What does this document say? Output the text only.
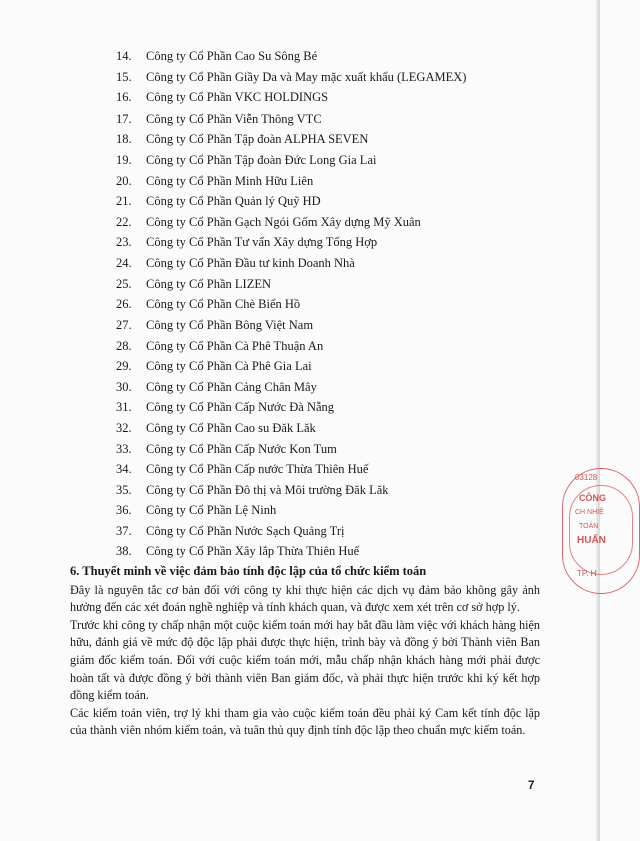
14. Công ty Cổ Phần Cao Su Sông Bé
15. Công ty Cổ Phần Giầy Da và May mặc xuất khẩu (LEGAMEX)
16. Công ty Cổ Phần VKC HOLDINGS
17. Công ty Cổ Phần Viễn Thông VTC
18. Công ty Cổ Phần Tập đoàn ALPHA SEVEN
19. Công ty Cổ Phần Tập đoàn Đức Long Gia Lai
20. Công ty Cổ Phần Minh Hữu Liên
21. Công ty Cổ Phần Quản lý Quỹ HD
22. Công ty Cổ Phần Gạch Ngói Gốm Xây dựng Mỹ Xuân
23. Công ty Cổ Phần Tư vấn Xây dựng Tổng Hợp
24. Công ty Cổ Phần Đầu tư kinh Doanh Nhà
25. Công ty Cổ Phần LIZEN
26. Công ty Cổ Phần Chè Biển Hồ
27. Công ty Cổ Phần Bông Việt Nam
28. Công ty Cổ Phần Cà Phê Thuận An
29. Công ty Cổ Phần Cà Phê Gia Lai
30. Công ty Cổ Phần Cảng Chân Mây
31. Công ty Cổ Phần Cấp Nước Đà Nẵng
32. Công ty Cổ Phần Cao su Đăk Lăk
33. Công ty Cổ Phần Cấp Nước Kon Tum
34. Công ty Cổ Phần Cấp nước Thừa Thiên Huế
35. Công ty Cổ Phần Đô thị và Môi trường Đăk Lăk
36. Công ty Cổ Phần Lệ Ninh
37. Công ty Cổ Phần Nước Sạch Quảng Trị
38. Công ty Cổ Phần Xây lắp Thừa Thiên Huế
6. Thuyết minh về việc đảm bảo tính độc lập của tổ chức kiểm toán

Đây là nguyên tắc cơ bản đối với công ty khi thực hiện các dịch vụ đảm bảo không gây ảnh hưởng đến các xét đoán nghề nghiệp và tính khách quan, và được xem xét trên cơ sở hợp lý.

Trước khi công ty chấp nhận một cuộc kiểm toán mới hay bắt đầu làm việc với khách hàng hiện hữu, đánh giá về mức độ độc lập phải được thực hiện, trình bày và đồng ý bởi Thành viên Ban giám đốc kiểm toán. Đối với cuộc kiểm toán mới, mẫu chấp nhận khách hàng mới phải được hoàn tất và được đồng ý bởi thành viên Ban giám đốc, và phải thực hiện trước khi ký kết hợp đồng kiểm toán.

Các kiểm toán viên, trợ lý khi tham gia vào cuộc kiểm toán đều phải ký Cam kết tính độc lập của thành viên nhóm kiểm toán, và tuân thủ quy định tính độc lập theo chuẩn mực kiểm toán.

7
03128
CÔNG
CH NHIỆ
TOÁN
HUẤN
TP. H
